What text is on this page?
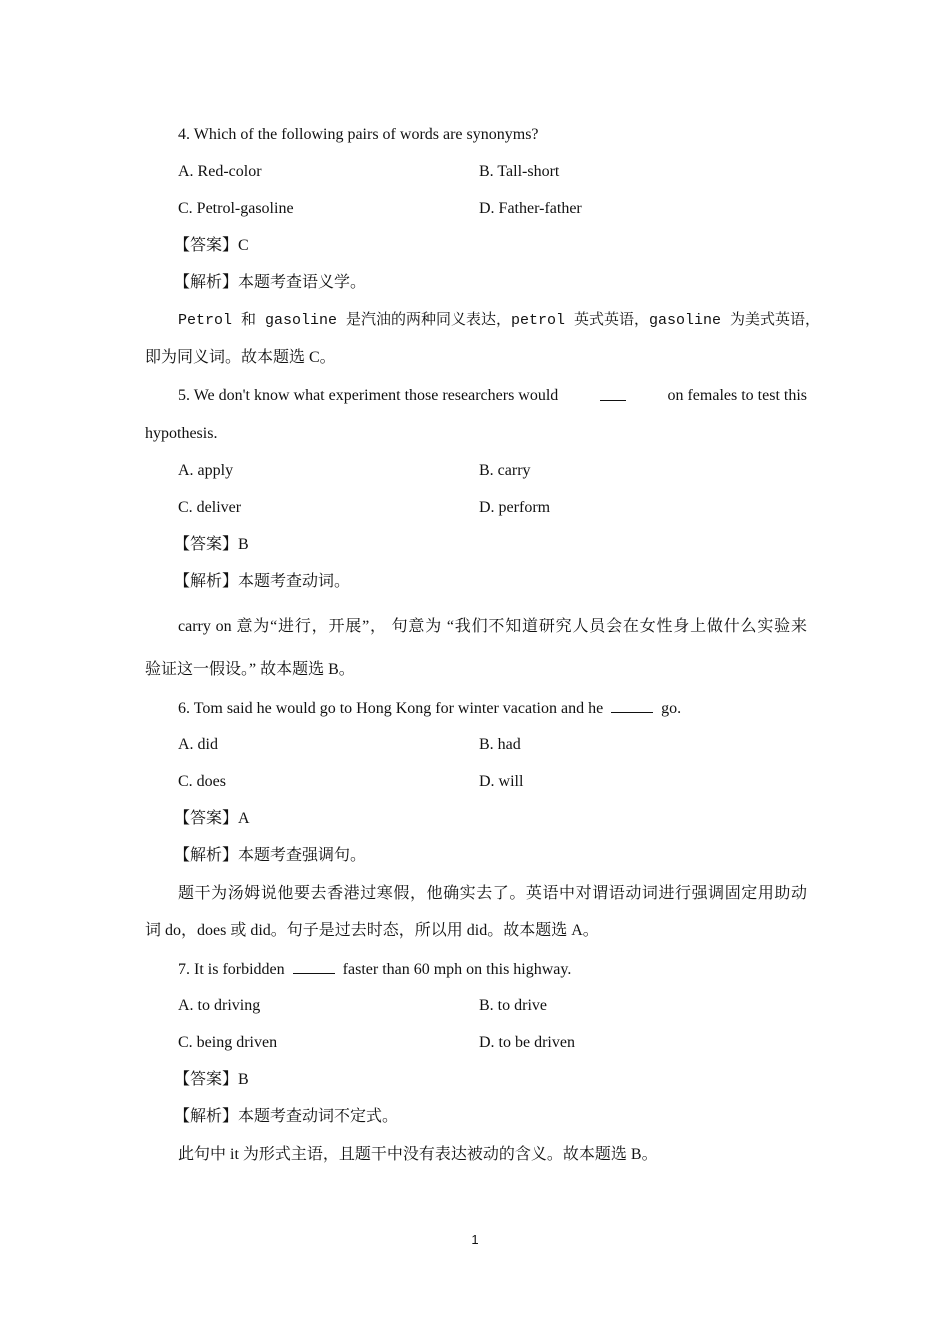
4. Which of the following pairs of words are synonyms?
A. Red-color	B. Tall-short
C. Petrol-gasoline	D. Father-father
【答案】C
【解析】本题考查语义学。
Petrol 和 gasoline 是汽油的两种同义表达，petrol 英式英语，gasoline 为美式英语，
即为同义词。故本题选 C。
5. We don't know what experiment those researchers would	on females to test this
hypothesis.
A. apply	B. carry
C. deliver	D. perform
【答案】B
【解析】本题考查动词。
carry on 意为“进行，开展”， 句意为 “我们不知道研究人员会在女性身上做什么实验来
验证这一假设。” 故本题选 B。
6. Tom said he would go to Hong Kong for winter vacation and he	go.
A. did	B. had
C. does	D. will
【答案】A
【解析】本题考查强调句。
题干为汤姆说他要去香港过寒假，他确实去了。英语中对谓语动词进行强调固定用助动
词 do，does 或 did。句子是过去时态，所以用 did。故本题选 A。
7. It is forbidden	faster than 60 mph on this highway.
A. to driving	B. to drive
C. being driven	D. to be driven
【答案】B
【解析】本题考查动词不定式。
此句中 it 为形式主语，且题干中没有表达被动的含义。故本题选 B。
1
